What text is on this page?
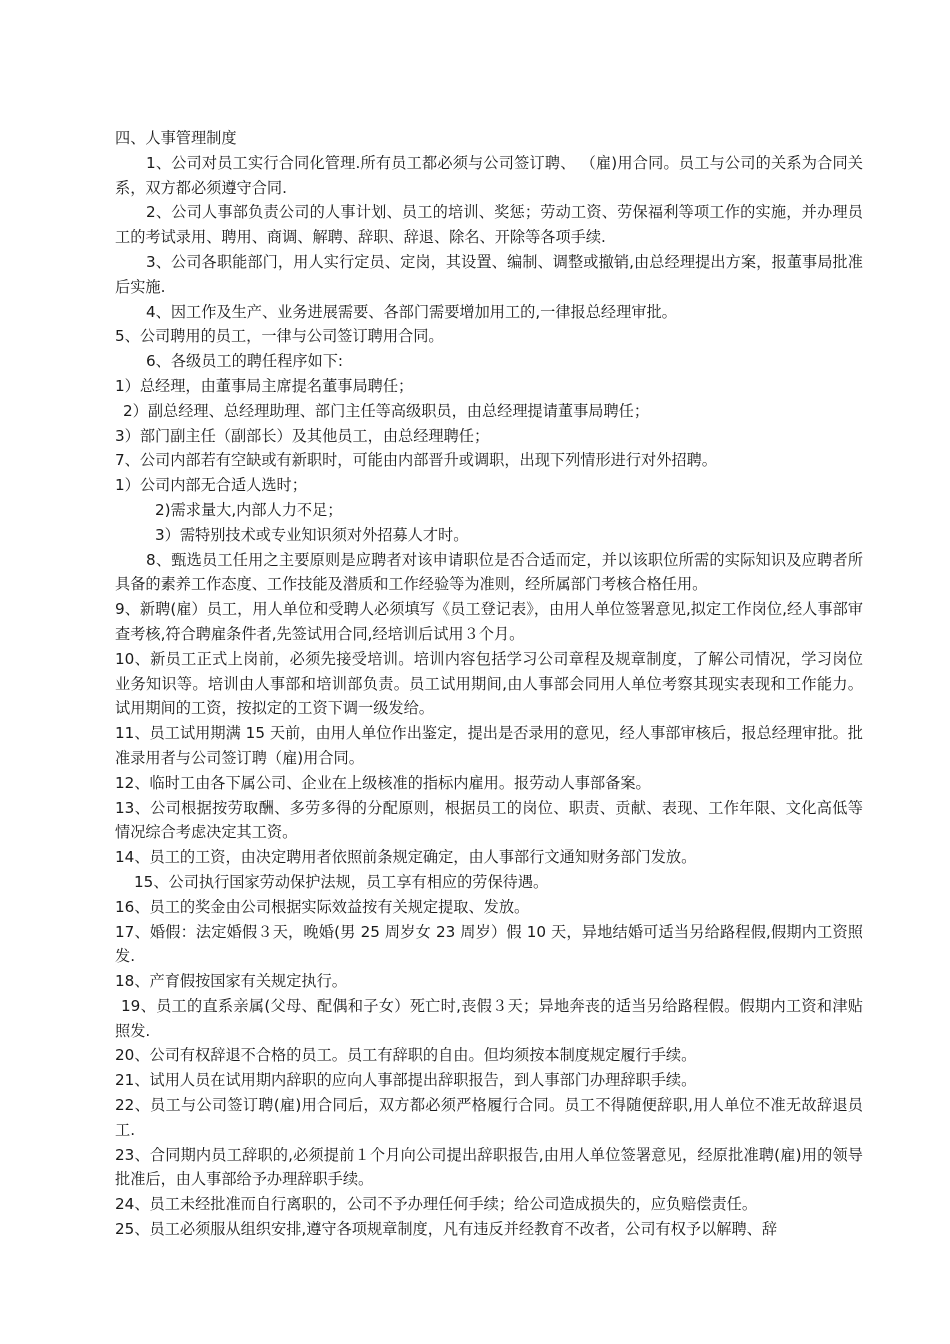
四、人事管理制度

1、公司对员工实行合同化管理.所有员工都必须与公司签订聘、 （雇)用合同。员工与公司的关系为合同关系，双方都必须遵守合同.

2、公司人事部负责公司的人事计划、员工的培训、奖惩；劳动工资、劳保福利等项工作的实施，并办理员工的考试录用、聘用、商调、解聘、辞职、辞退、除名、开除等各项手续.

3、公司各职能部门，用人实行定员、定岗，其设置、编制、调整或撤销,由总经理提出方案，报董事局批准后实施.

4、因工作及生产、业务进展需要、各部门需要增加用工的,一律报总经理审批。

5、公司聘用的员工，一律与公司签订聘用合同。

6、各级员工的聘任程序如下:

1）总经理，由董事局主席提名董事局聘任；

2）副总经理、总经理助理、部门主任等高级职员，由总经理提请董事局聘任；

3）部门副主任（副部长）及其他员工，由总经理聘任；

7、公司内部若有空缺或有新职时，可能由内部晋升或调职，出现下列情形进行对外招聘。

1）公司内部无合适人选时；

2)需求量大,内部人力不足；

3）需特别技术或专业知识须对外招募人才时。

8、甄选员工任用之主要原则是应聘者对该申请职位是否合适而定，并以该职位所需的实际知识及应聘者所具备的素养工作态度、工作技能及潜质和工作经验等为准则，经所属部门考核合格任用。

9、新聘(雇）员工，用人单位和受聘人必须填写《员工登记表》，由用人单位签署意见,拟定工作岗位,经人事部审查考核,符合聘雇条件者,先签试用合同,经培训后试用３个月。

10、新员工正式上岗前，必须先接受培训。培训内容包括学习公司章程及规章制度，了解公司情况，学习岗位业务知识等。培训由人事部和培训部负责。员工试用期间,由人事部会同用人单位考察其现实表现和工作能力。试用期间的工资，按拟定的工资下调一级发给。

11、员工试用期满 15 天前，由用人单位作出鉴定，提出是否录用的意见，经人事部审核后，报总经理审批。批准录用者与公司签订聘（雇)用合同。

12、临时工由各下属公司、企业在上级核准的指标内雇用。报劳动人事部备案。

13、公司根据按劳取酬、多劳多得的分配原则，根据员工的岗位、职责、贡献、表现、工作年限、文化高低等情况综合考虑决定其工资。

14、员工的工资，由决定聘用者依照前条规定确定，由人事部行文通知财务部门发放。

15、公司执行国家劳动保护法规，员工享有相应的劳保待遇。

16、员工的奖金由公司根据实际效益按有关规定提取、发放。

17、婚假：法定婚假３天，晚婚(男 25 周岁女 23 周岁）假 10 天，异地结婚可适当另给路程假,假期内工资照发.

18、产育假按国家有关规定执行。

19、员工的直系亲属(父母、配偶和子女）死亡时,丧假３天；异地奔丧的适当另给路程假。假期内工资和津贴照发.

20、公司有权辞退不合格的员工。员工有辞职的自由。但均须按本制度规定履行手续。

21、试用人员在试用期内辞职的应向人事部提出辞职报告，到人事部门办理辞职手续。

22、员工与公司签订聘(雇)用合同后，双方都必须严格履行合同。员工不得随便辞职,用人单位不准无故辞退员工.

23、合同期内员工辞职的,必须提前１个月向公司提出辞职报告,由用人单位签署意见，经原批准聘(雇)用的领导批准后，由人事部给予办理辞职手续。

24、员工未经批准而自行离职的，公司不予办理任何手续；给公司造成损失的，应负赔偿责任。

25、员工必须服从组织安排,遵守各项规章制度，凡有违反并经教育不改者，公司有权予以解聘、辞
